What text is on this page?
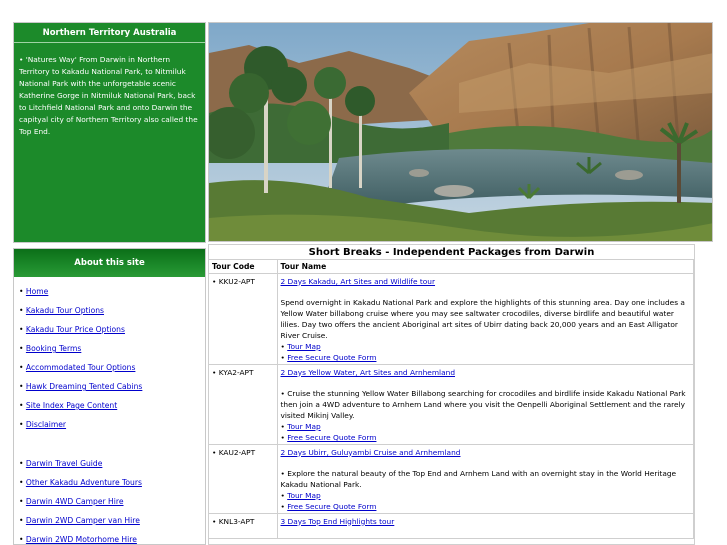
Northern Territory Australia
• 'Natures Way' From Darwin in Northern Territory to Kakadu National Park, to Nitmiluk National Park with the unforgetable scenic Katherine Gorge in Nitmiluk National Park, back to Litchfield National Park and onto Darwin the capityal city of Northern Territory also called the Top End.
About this site
• Home
• Kakadu Tour Options
• Kakadu Tour Price Options
• Booking Terms
• Accommodated Tour Options
• Hawk Dreaming Tented Cabins
• Site Index Page Content
• Disclaimer
• Darwin Travel Guide
• Other Kakadu Adventure Tours
• Darwin 4WD Camper Hire
• Darwin 2WD Camper van Hire
• Darwin 2WD Motorhome Hire
Short Breaks - Independent Packages from Darwin
Tour Code	Tour Name
• KKU2-APT	2 Days Kakadu, Art Sites and Wildlife tour
Spend overnight in Kakadu National Park and explore the highlights of this stunning area. Day one includes a Yellow Water billabong cruise where you may see saltwater crocodiles, diverse birdlife and beautiful water lilies. Day two offers the ancient Aboriginal art sites of Ubirr dating back 20,000 years and an East Alligator River Cruise.
• Tour Map
• Free Secure Quote Form

• KYA2-APT	2 Days Yellow Water, Art Sites and Arnhemland
• Cruise the stunning Yellow Water Billabong searching for crocodiles and birdlife inside Kakadu National Park then join a 4WD adventure to Arnhem Land where you visit the Oenpelli Aboriginal Settlement and the rarely visited Mikinj Valley.
• Tour Map
• Free Secure Quote Form

• KAU2-APT	2 Days Ubirr, Guluyambi Cruise and Arnhemland
• Explore the natural beauty of the Top End and Arnhem Land with an overnight stay in the World Heritage Kakadu National Park.
• Tour Map
• Free Secure Quote Form

• KNL3-APT	3 Days Top End Highlights tour
